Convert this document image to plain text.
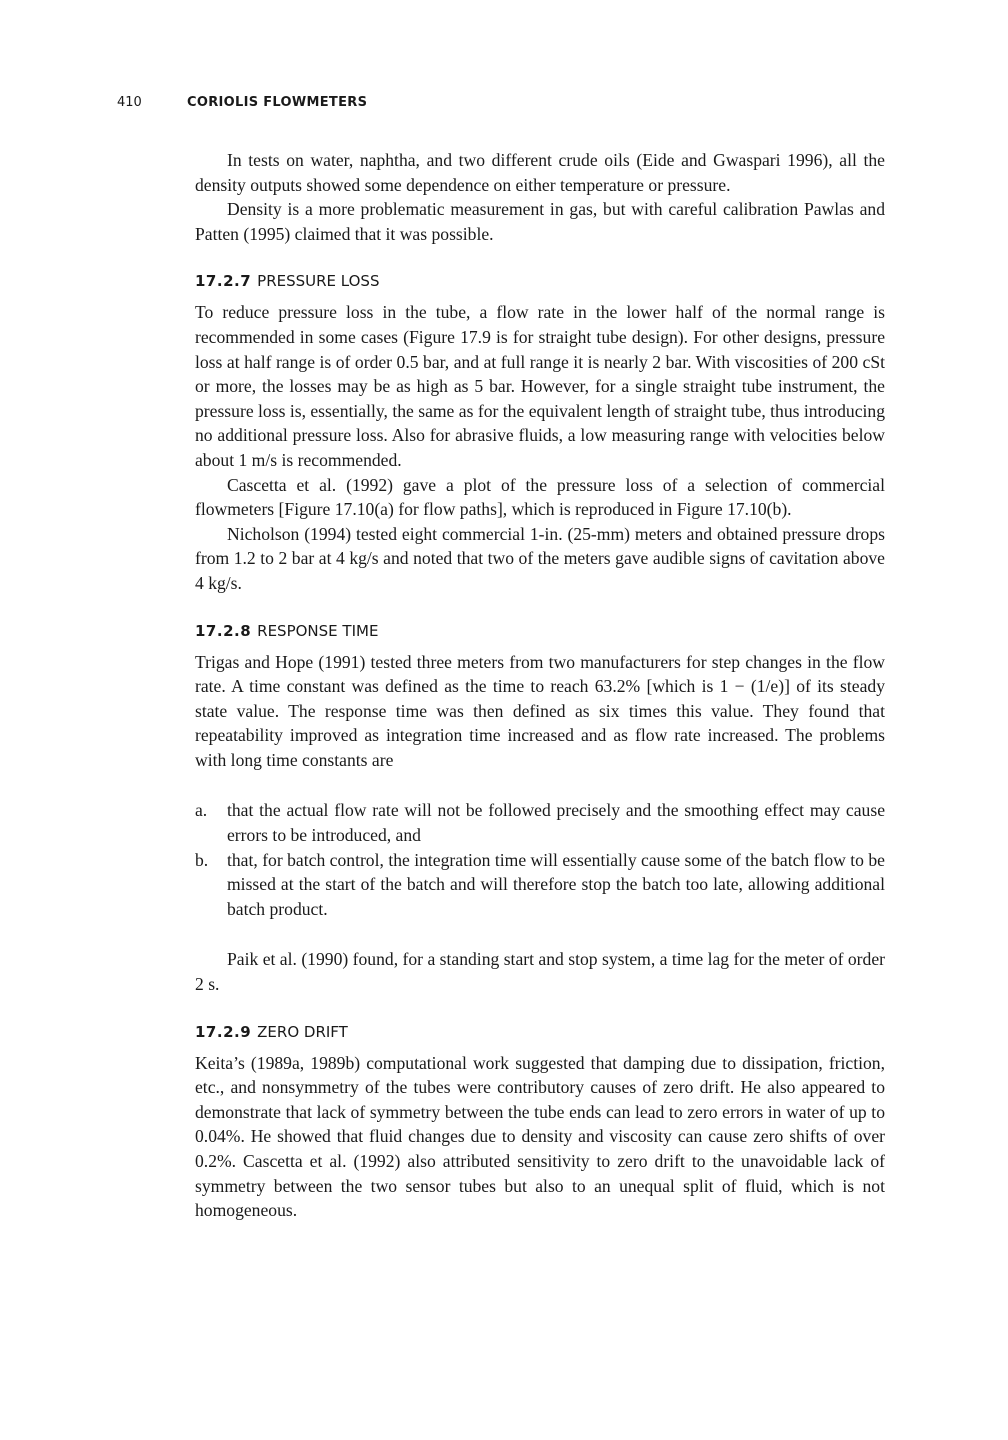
410	CORIOLIS FLOWMETERS

In tests on water, naphtha, and two different crude oils (Eide and Gwaspari 1996), all the density outputs showed some dependence on either temperature or pressure.

Density is a more problematic measurement in gas, but with careful calibration Pawlas and Patten (1995) claimed that it was possible.

17.2.7 PRESSURE LOSS

To reduce pressure loss in the tube, a flow rate in the lower half of the normal range is recommended in some cases (Figure 17.9 is for straight tube design). For other designs, pressure loss at half range is of order 0.5 bar, and at full range it is nearly 2 bar. With viscosities of 200 cSt or more, the losses may be as high as 5 bar. However, for a single straight tube instrument, the pressure loss is, essentially, the same as for the equivalent length of straight tube, thus introducing no additional pressure loss. Also for abrasive fluids, a low measuring range with velocities below about 1 m/s is recommended.

Cascetta et al. (1992) gave a plot of the pressure loss of a selection of commercial flowmeters [Figure 17.10(a) for flow paths], which is reproduced in Figure 17.10(b).

Nicholson (1994) tested eight commercial 1-in. (25-mm) meters and obtained pressure drops from 1.2 to 2 bar at 4 kg/s and noted that two of the meters gave audible signs of cavitation above 4 kg/s.

17.2.8 RESPONSE TIME

Trigas and Hope (1991) tested three meters from two manufacturers for step changes in the flow rate. A time constant was defined as the time to reach 63.2% [which is 1 − (1/e)] of its steady state value. The response time was then defined as six times this value. They found that repeatability improved as integration time increased and as flow rate increased. The problems with long time constants are

a. that the actual flow rate will not be followed precisely and the smoothing effect may cause errors to be introduced, and
b. that, for batch control, the integration time will essentially cause some of the batch flow to be missed at the start of the batch and will therefore stop the batch too late, allowing additional batch product.

Paik et al. (1990) found, for a standing start and stop system, a time lag for the meter of order 2 s.

17.2.9 ZERO DRIFT

Keita’s (1989a, 1989b) computational work suggested that damping due to dissipation, friction, etc., and nonsymmetry of the tubes were contributory causes of zero drift. He also appeared to demonstrate that lack of symmetry between the tube ends can lead to zero errors in water of up to 0.04%. He showed that fluid changes due to density and viscosity can cause zero shifts of over 0.2%. Cascetta et al. (1992) also attributed sensitivity to zero drift to the unavoidable lack of symmetry between the two sensor tubes but also to an unequal split of fluid, which is not homogeneous.
